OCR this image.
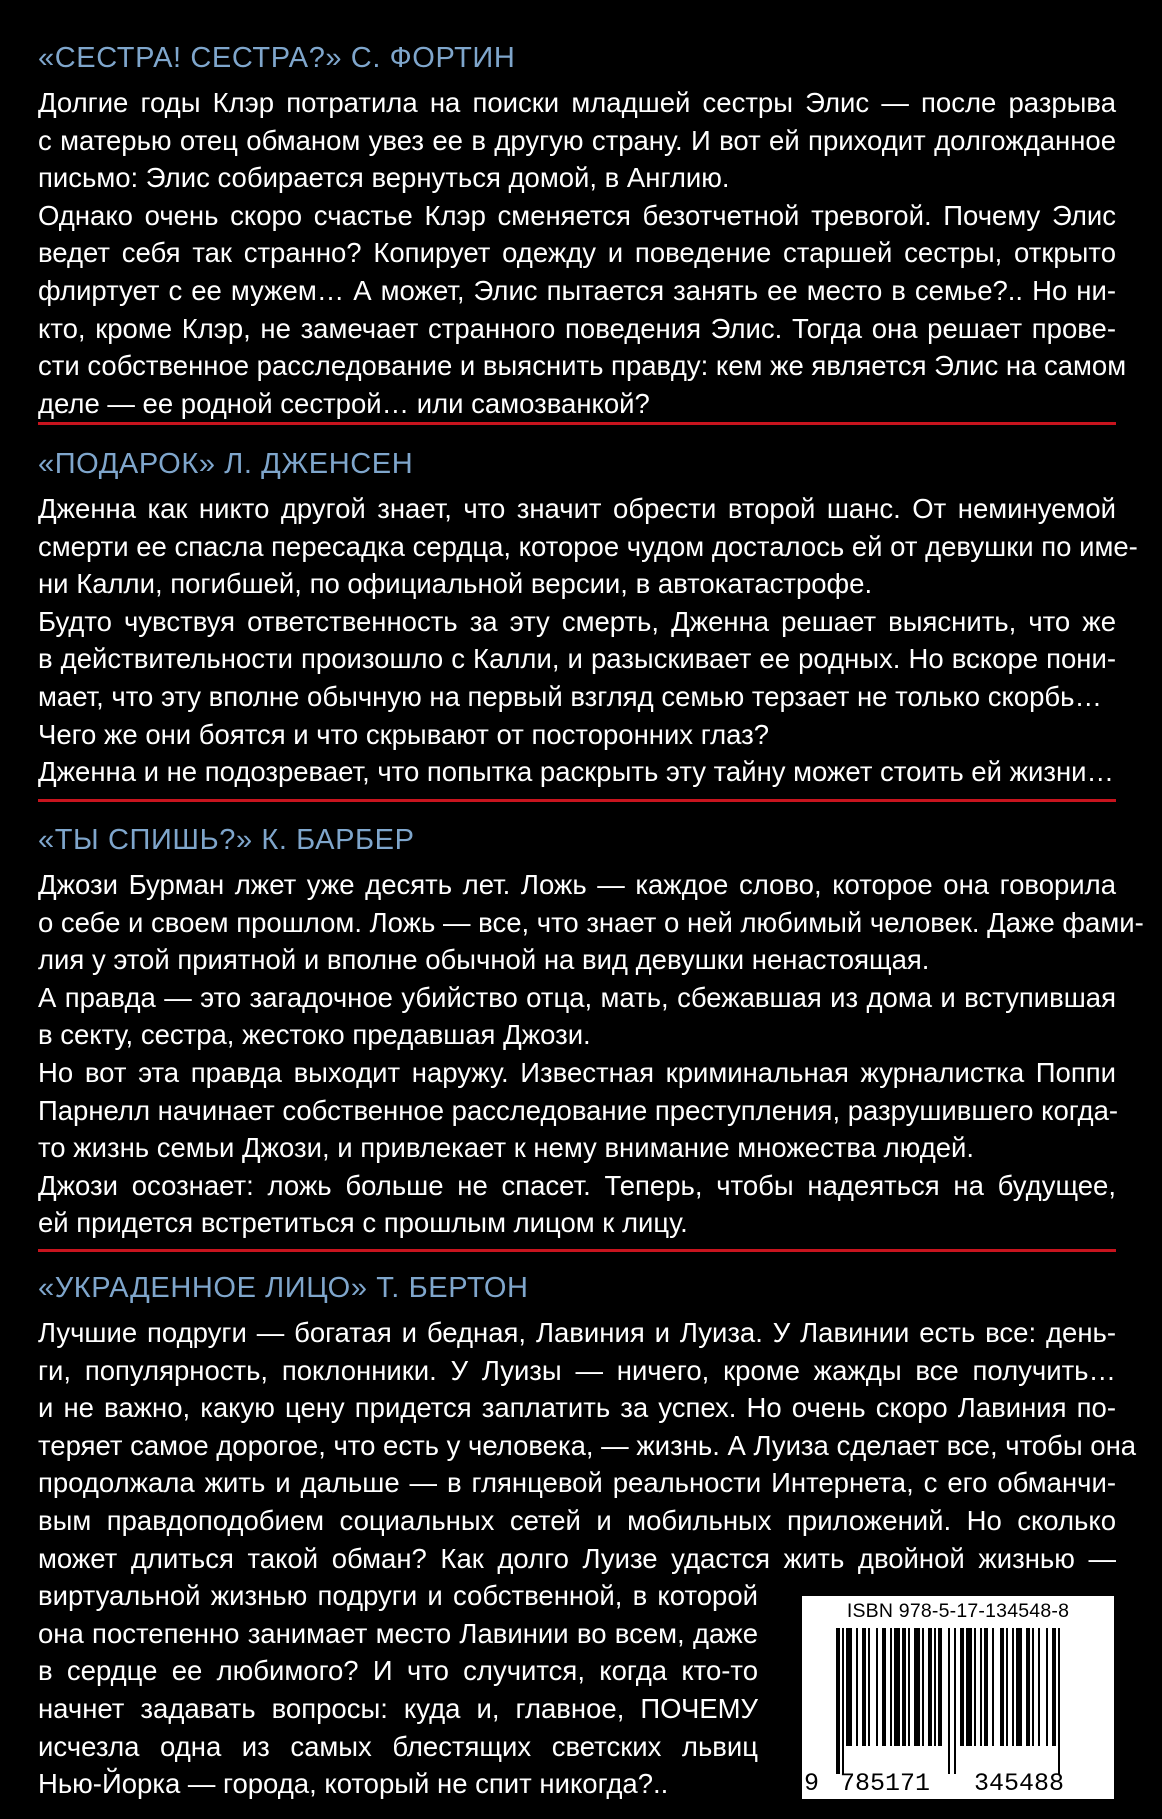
«СЕСТРА! СЕСТРА?» С. ФОРТИН
Долгие годы Клэр потратила на поиски младшей сестры Элис — после разрыва
с матерью отец обманом увез ее в другую страну. И вот ей приходит долгожданное
письмо: Элис собирается вернуться домой, в Англию.
Однако очень скоро счастье Клэр сменяется безотчетной тревогой. Почему Элис
ведет себя так странно? Копирует одежду и поведение старшей сестры, открыто
флиртует с ее мужем… А может, Элис пытается занять ее место в семье?.. Но ни-
кто, кроме Клэр, не замечает странного поведения Элис. Тогда она решает прове-
сти собственное расследование и выяснить правду: кем же является Элис на самом
деле — ее родной сестрой… или самозванкой?
«ПОДАРОК» Л. ДЖЕНСЕН
Дженна как никто другой знает, что значит обрести второй шанс. От неминуемой
смерти ее спасла пересадка сердца, которое чудом досталось ей от девушки по име-
ни Калли, погибшей, по официальной версии, в автокатастрофе.
Будто чувствуя ответственность за эту смерть, Дженна решает выяснить, что же
в действительности произошло с Калли, и разыскивает ее родных. Но вскоре пони-
мает, что эту вполне обычную на первый взгляд семью терзает не только скорбь…
Чего же они боятся и что скрывают от посторонних глаз?
Дженна и не подозревает, что попытка раскрыть эту тайну может стоить ей жизни…
«ТЫ СПИШЬ?» К. БАРБЕР
Джози Бурман лжет уже десять лет. Ложь — каждое слово, которое она говорила
о себе и своем прошлом. Ложь — все, что знает о ней любимый человек. Даже фами-
лия у этой приятной и вполне обычной на вид девушки ненастоящая.
А правда — это загадочное убийство отца, мать, сбежавшая из дома и вступившая
в секту, сестра, жестоко предавшая Джози.
Но вот эта правда выходит наружу. Известная криминальная журналистка Поппи
Парнелл начинает собственное расследование преступления, разрушившего когда-
то жизнь семьи Джози, и привлекает к нему внимание множества людей.
Джози осознает: ложь больше не спасет. Теперь, чтобы надеяться на будущее,
ей придется встретиться с прошлым лицом к лицу.
«УКРАДЕННОЕ ЛИЦО» Т. БЕРТОН
Лучшие подруги — богатая и бедная, Лавиния и Луиза. У Лавинии есть все: день-
ги, популярность, поклонники. У Луизы — ничего, кроме жажды все получить…
и не важно, какую цену придется заплатить за успех. Но очень скоро Лавиния по-
теряет самое дорогое, что есть у человека, — жизнь. А Луиза сделает все, чтобы она
продолжала жить и дальше — в глянцевой реальности Интернета, с его обманчи-
вым правдоподобием социальных сетей и мобильных приложений. Но сколько
может длиться такой обман? Как долго Луизе удастся жить двойной жизнью —
виртуальной жизнью подруги и собственной, в которой
она постепенно занимает место Лавинии во всем, даже
в сердце ее любимого? И что случится, когда кто-то
начнет задавать вопросы: куда и, главное, ПОЧЕМУ
исчезла одна из самых блестящих светских львиц
Нью-Йорка — города, который не спит никогда?..
ISBN 978-5-17-134548-8
9 785171 345488
